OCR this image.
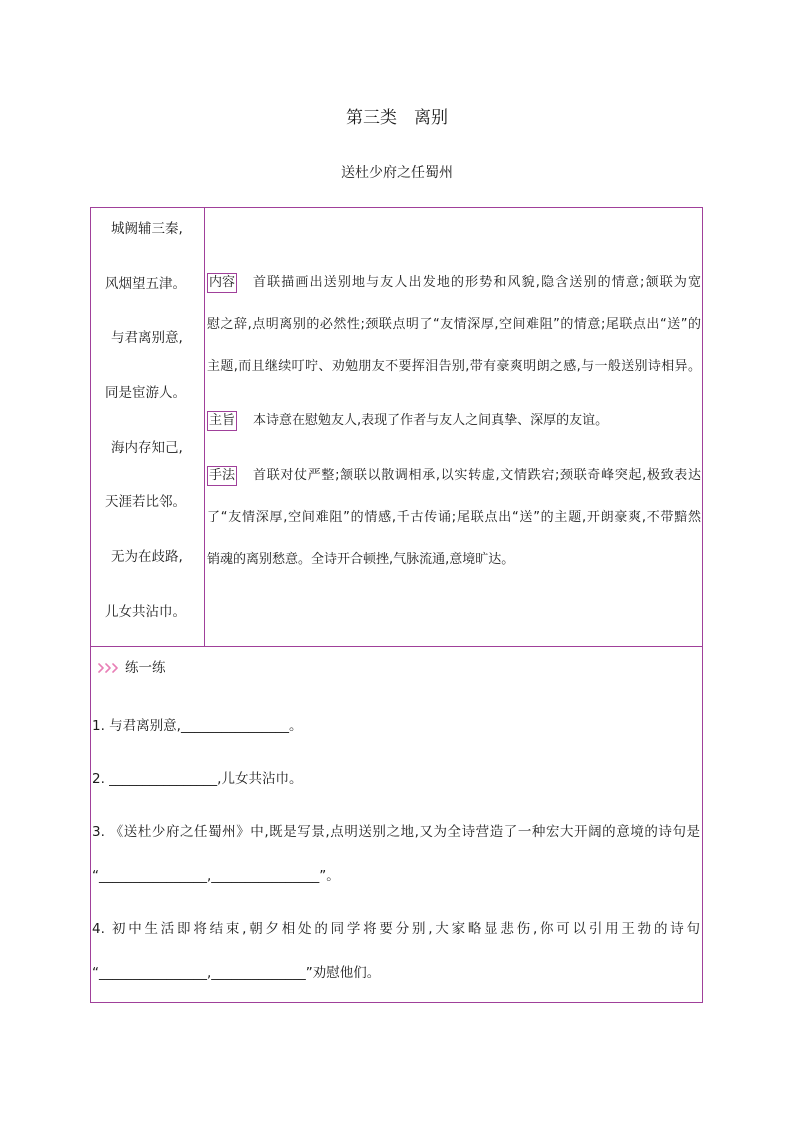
第三类　离别
送杜少府之任蜀州
城阙辅三秦,
风烟望五津。
与君离别意,
同是宦游人。
海内存知己,
天涯若比邻。
无为在歧路,
儿女共沾巾。
内容 首联描画出送别地与友人出发地的形势和风貌,隐含送别的情意;颔联为宽
慰之辞,点明离别的必然性;颈联点明了“友情深厚,空间难阻”的情意;尾联点出“送”的
主题,而且继续叮咛、劝勉朋友不要挥泪告别,带有豪爽明朗之感,与一般送别诗相异。
主旨 本诗意在慰勉友人,表现了作者与友人之间真挚、深厚的友谊。
手法 首联对仗严整;颔联以散调相承,以实转虚,文情跌宕;颈联奇峰突起,极致表达
了“友情深厚,空间难阻”的情感,千古传诵;尾联点出“送”的主题,开朗豪爽,不带黯然
销魂的离别愁意。全诗开合顿挫,气脉流通,意境旷达。
练一练
1. 与君离别意,________________。
2. ________________,儿女共沾巾。
3. 《送杜少府之任蜀州》中,既是写景,点明送别之地,又为全诗营造了一种宏大开阔的意境的诗句是
“________________,________________”。
4. 初中生活即将结束,朝夕相处的同学将要分别,大家略显悲伤,你可以引用王勃的诗句
“________________,______________”劝慰他们。
